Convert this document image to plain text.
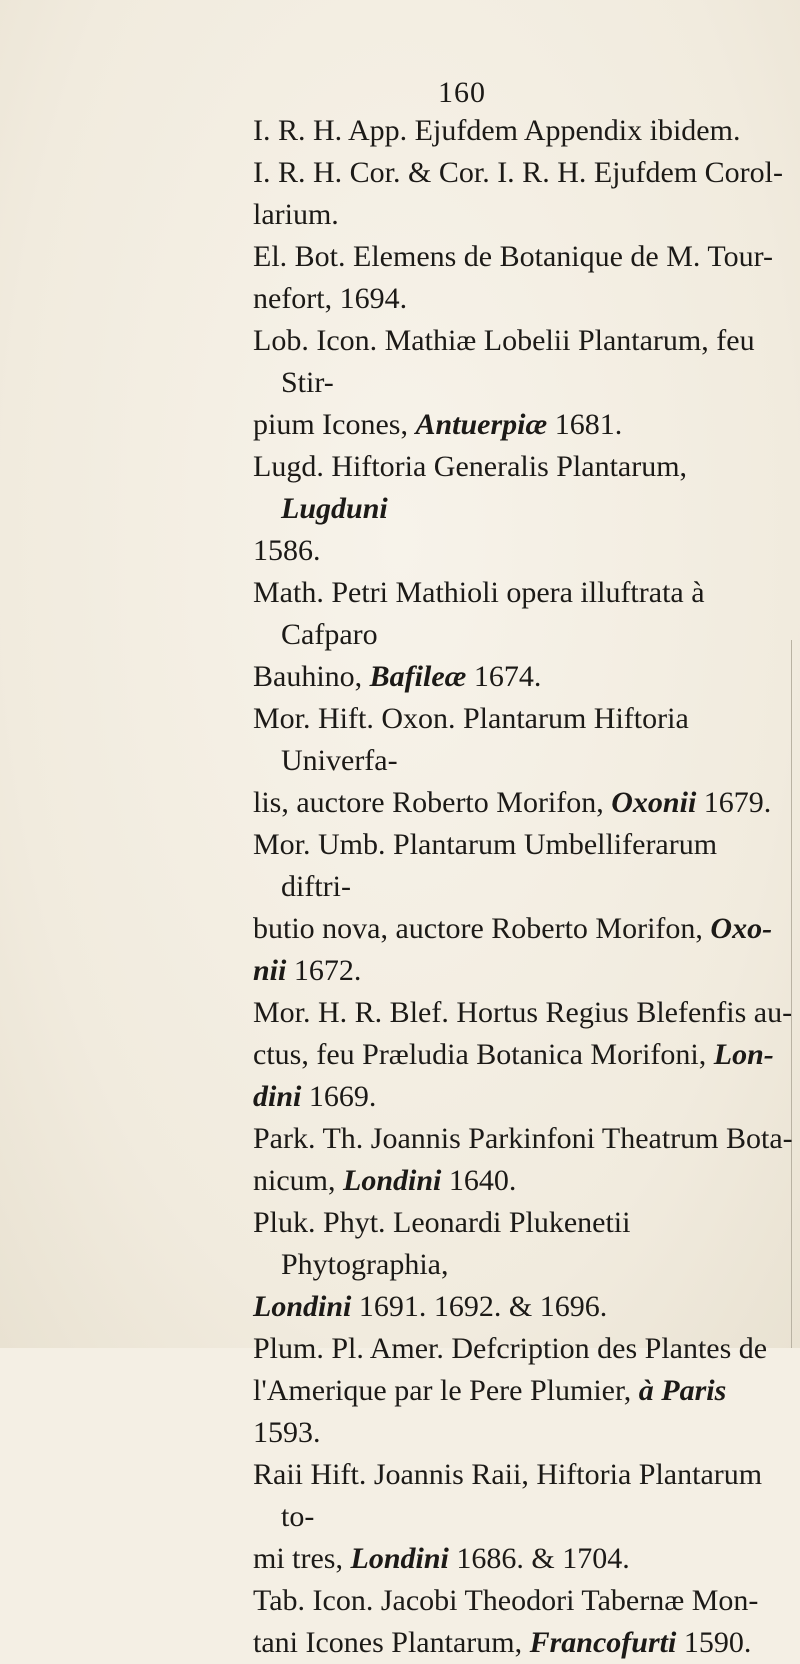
160

I. R. H. App. Ejufdem Appendix ibidem.

I. R. H. Cor. & Cor. I. R. H. Ejufdem Corol-
larium.

El. Bot. Elemens de Botanique de M. Tour-
nefort, 1694.

Lob. Icon. Mathiæ Lobelii Plantarum, feu Stir-
pium Icones, Antuerpiæ 1681.

Lugd. Hiftoria Generalis Plantarum, Lugduni
1586.

Math. Petri Mathioli opera illuftrata à Cafparo
Bauhino, Bafileæ 1674.

Mor. Hift. Oxon. Plantarum Hiftoria Univerfa-
lis, auctore Roberto Morifon, Oxonii 1679.

Mor. Umb. Plantarum Umbelliferarum diftri-
butio nova, auctore Roberto Morifon, Oxo-
nii 1672.

Mor. H. R. Blef. Hortus Regius Blefenfis au-
ctus, feu Præludia Botanica Morifoni, Lon-
dini 1669.

Park. Th. Joannis Parkinfoni Theatrum Bota-
nicum, Londini 1640.

Pluk. Phyt. Leonardi Plukenetii Phytographia,
Londini 1691. 1692. & 1696.

Plum. Pl. Amer. Defcription des Plantes de
l'Amerique par le Pere Plumier, à Paris
1593.

Raii Hift. Joannis Raii, Hiftoria Plantarum to-
mi tres, Londini 1686. & 1704.

Tab. Icon. Jacobi Theodori Tabernæ Mon-
tani Icones Plantarum, Francofurti 1590.
